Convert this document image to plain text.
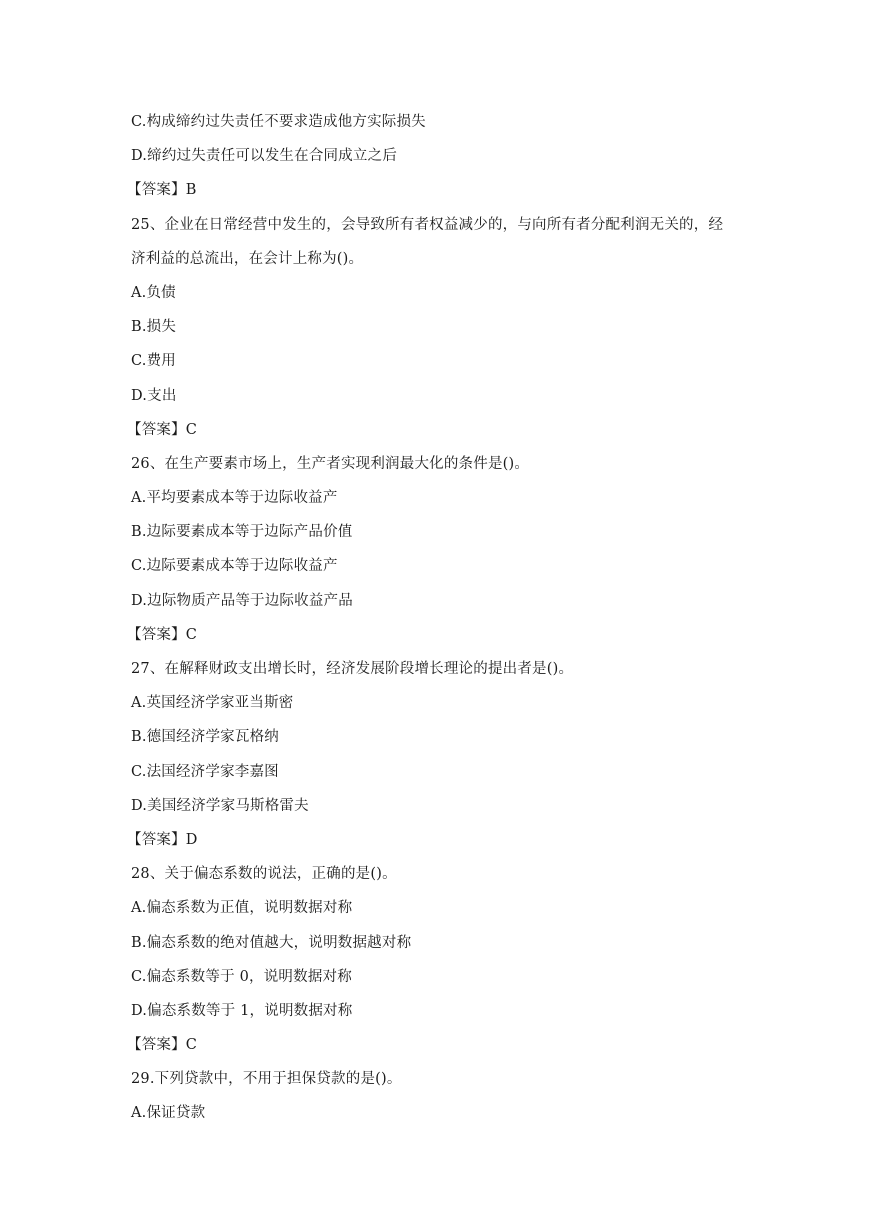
C.构成缔约过失责任不要求造成他方实际损失
D.缔约过失责任可以发生在合同成立之后
【答案】B
25、企业在日常经营中发生的，会导致所有者权益减少的，与向所有者分配利润无关的，经
济利益的总流出，在会计上称为()。
A.负债
B.损失
C.费用
D.支出
【答案】C
26、在生产要素市场上，生产者实现利润最大化的条件是()。
A.平均要素成本等于边际收益产
B.边际要素成本等于边际产品价值
C.边际要素成本等于边际收益产
D.边际物质产品等于边际收益产品
【答案】C
27、在解释财政支出增长时，经济发展阶段增长理论的提出者是()。
A.英国经济学家亚当斯密
B.德国经济学家瓦格纳
C.法国经济学家李嘉图
D.美国经济学家马斯格雷夫
【答案】D
28、关于偏态系数的说法，正确的是()。
A.偏态系数为正值，说明数据对称
B.偏态系数的绝对值越大，说明数据越对称
C.偏态系数等于 0，说明数据对称
D.偏态系数等于 1，说明数据对称
【答案】C
29.下列贷款中，不用于担保贷款的是()。
A.保证贷款
